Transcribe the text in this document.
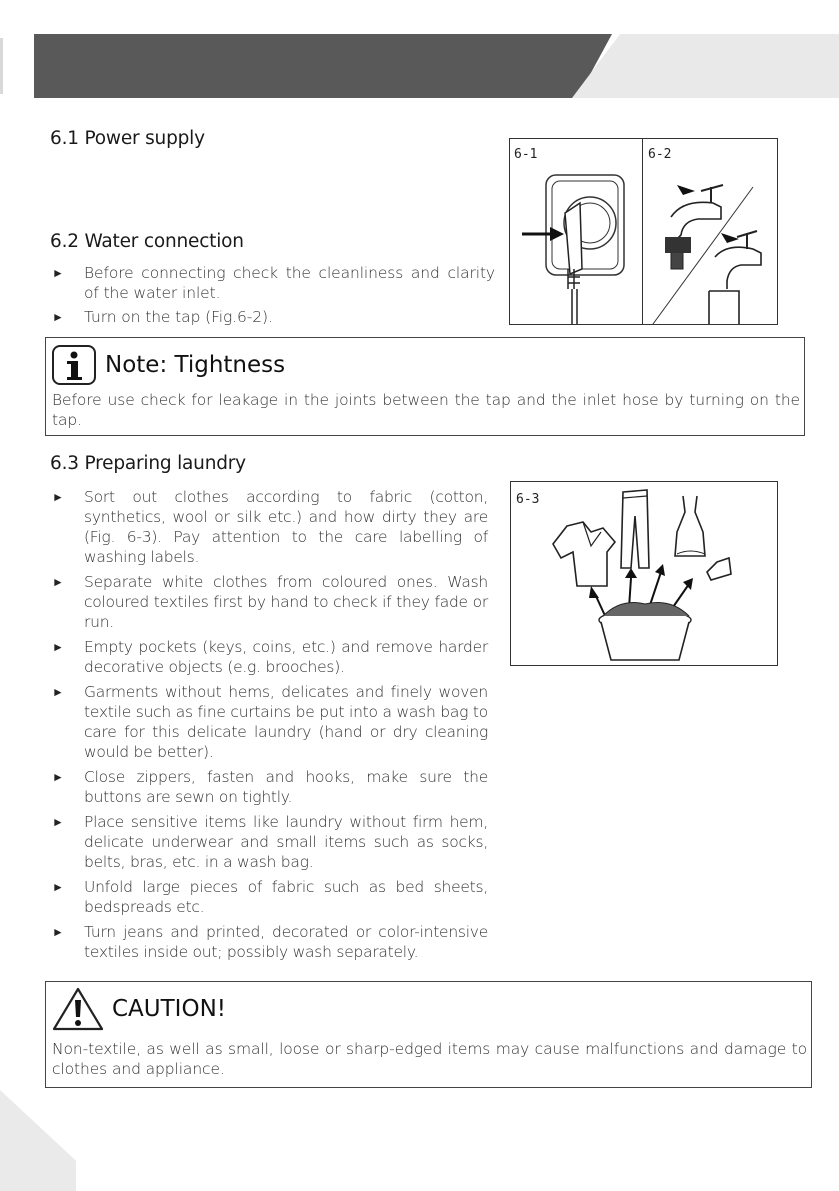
6.1 Power supply
6.2 Water connection
► Before connecting check the cleanliness and clarity of the water inlet.
► Turn on the tap (Fig.6-2).
6-1	6-2
Note: Tightness
Before use check for leakage in the joints between the tap and the inlet hose by turning on the tap.
6.3 Preparing laundry
► Sort out clothes according to fabric (cotton, synthetics, wool or silk etc.) and how dirty they are (Fig. 6-3). Pay attention to the care labelling of washing labels.
► Separate white clothes from coloured ones. Wash coloured textiles first by hand to check if they fade or run.
► Empty pockets (keys, coins, etc.) and remove harder decorative objects (e.g. brooches).
► Garments without hems, delicates and finely woven textile such as fine curtains be put into a wash bag to care for this delicate laundry (hand or dry cleaning would be better).
► Close zippers, fasten and hooks, make sure the buttons are sewn on tightly.
► Place sensitive items like laundry without firm hem, delicate underwear and small items such as socks, belts, bras, etc. in a wash bag.
► Unfold large pieces of fabric such as bed sheets, bedspreads etc.
► Turn jeans and printed, decorated or color-intensive textiles inside out; possibly wash separately.
6-3
CAUTION!
Non-textile, as well as small, loose or sharp-edged items may cause malfunctions and damage to clothes and appliance.
